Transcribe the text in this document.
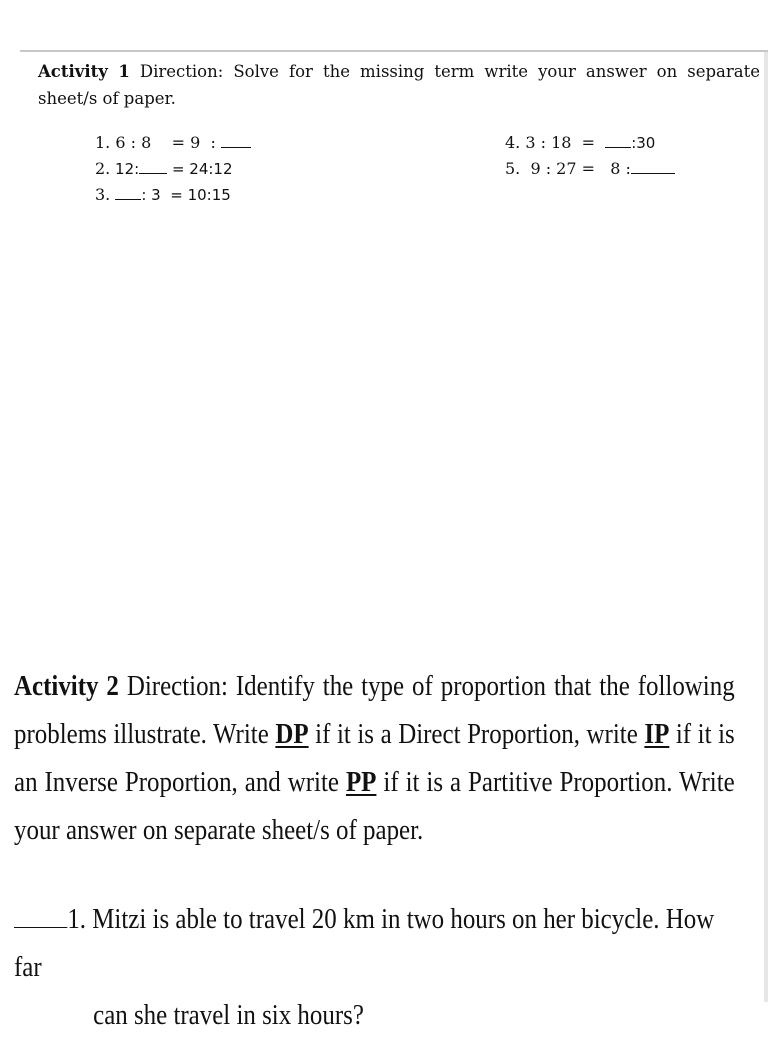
Activity 1 Direction: Solve for the missing term write your answer on separate sheet/s of paper.

1. 6 : 8    = 9  :
2. 12: = 24:12
3. : 3  = 10:15
4. 3 : 18  =  :30
5.  9 : 27 =   8 :
Activity 2 Direction: Identify the type of proportion that the following problems illustrate. Write DP if it is a Direct Proportion, write IP if it is an Inverse Proportion, and write PP if it is a Partitive Proportion. Write your answer on separate sheet/s of paper.
1. Mitzi is able to travel 20 km in two hours on her bicycle. How far
can she travel in six hours?
